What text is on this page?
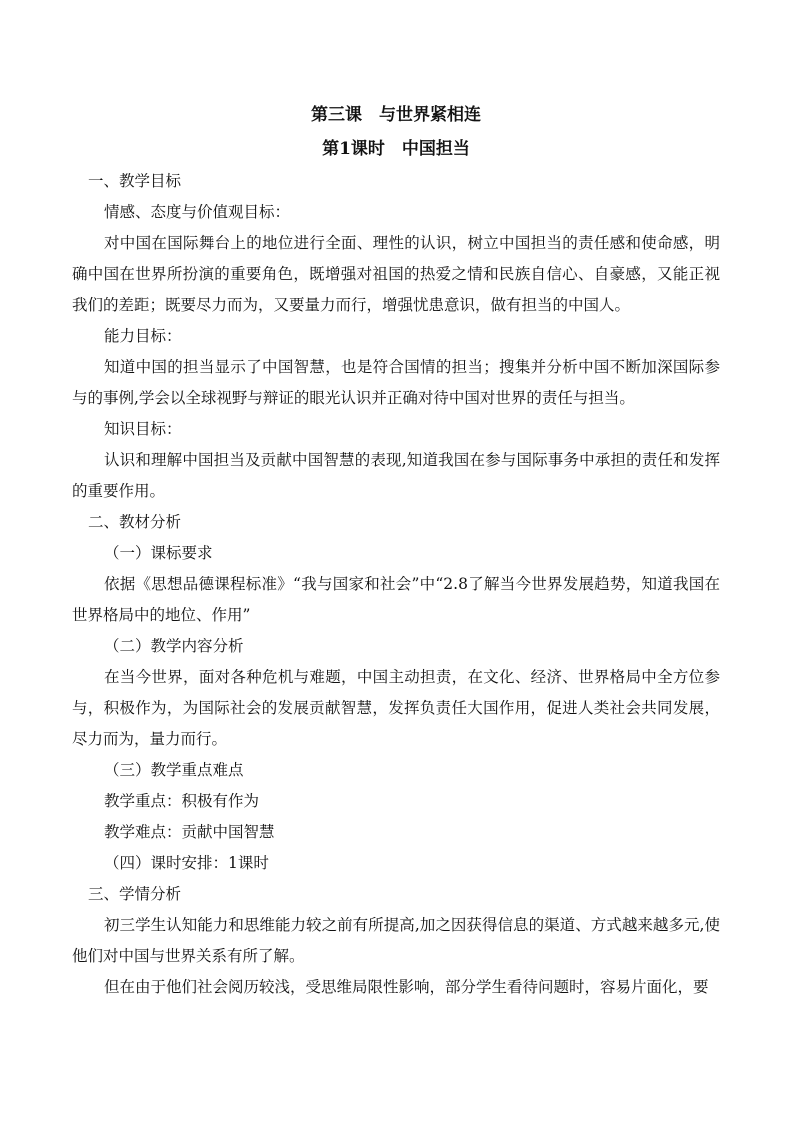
第三课　与世界紧相连

第1课时　中国担当

一、教学目标

情感、态度与价值观目标：

对中国在国际舞台上的地位进行全面、理性的认识，树立中国担当的责任感和使命感，明确中国在世界所扮演的重要角色，既增强对祖国的热爱之情和民族自信心、自豪感，又能正视我们的差距；既要尽力而为，又要量力而行，增强忧患意识，做有担当的中国人。

能力目标：

知道中国的担当显示了中国智慧，也是符合国情的担当；搜集并分析中国不断加深国际参与的事例,学会以全球视野与辩证的眼光认识并正确对待中国对世界的责任与担当。

知识目标：

认识和理解中国担当及贡献中国智慧的表现,知道我国在参与国际事务中承担的责任和发挥的重要作用。

二、教材分析

（一）课标要求

依据《思想品德课程标准》“我与国家和社会”中“2.8了解当今世界发展趋势，知道我国在世界格局中的地位、作用”

（二）教学内容分析

在当今世界，面对各种危机与难题，中国主动担责，在文化、经济、世界格局中全方位参与，积极作为，为国际社会的发展贡献智慧，发挥负责任大国作用，促进人类社会共同发展，尽力而为，量力而行。

（三）教学重点难点

教学重点：积极有作为

教学难点：贡献中国智慧

（四）课时安排：1课时

三、学情分析

初三学生认知能力和思维能力较之前有所提高,加之因获得信息的渠道、方式越来越多元,使他们对中国与世界关系有所了解。

但在由于他们社会阅历较浅，受思维局限性影响，部分学生看待问题时，容易片面化，要
